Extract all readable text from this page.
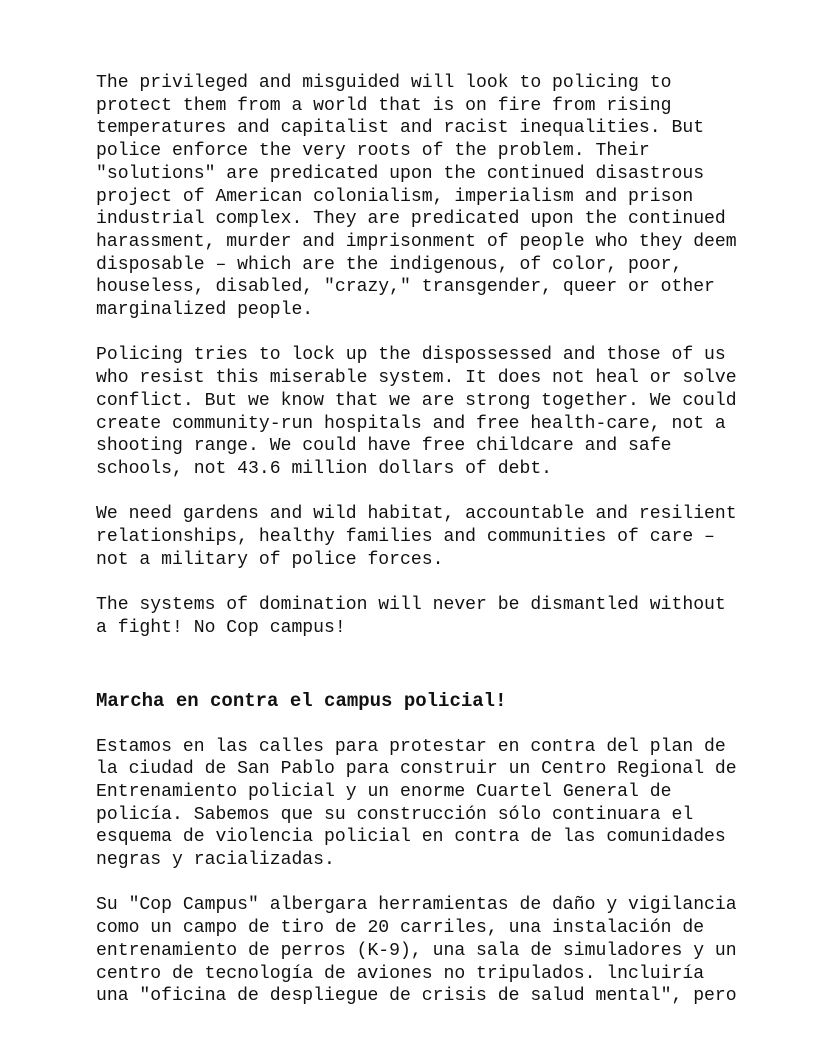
The privileged and misguided will look to policing to
protect them from a world that is on fire from rising
temperatures and capitalist and racist inequalities. But
police enforce the very roots of the problem. Their
"solutions" are predicated upon the continued disastrous
project of American colonialism, imperialism and prison
industrial complex. They are predicated upon the continued
harassment, murder and imprisonment of people who they deem
disposable – which are the indigenous, of color, poor,
houseless, disabled, "crazy," transgender, queer or other
marginalized people.

Policing tries to lock up the dispossessed and those of us
who resist this miserable system. It does not heal or solve
conflict. But we know that we are strong together. We could
create community-run hospitals and free health-care, not a
shooting range. We could have free childcare and safe
schools, not 43.6 million dollars of debt.

We need gardens and wild habitat, accountable and resilient
relationships, healthy families and communities of care –
not a military of police forces.

The systems of domination will never be dismantled without
a fight! No Cop campus!

Marcha en contra el campus policial!

Estamos en las calles para protestar en contra del plan de
la ciudad de San Pablo para construir un Centro Regional de
Entrenamiento policial y un enorme Cuartel General de
policía. Sabemos que su construcción sólo continuara el
esquema de violencia policial en contra de las comunidades
negras y racializadas.

Su "Cop Campus" albergara herramientas de daño y vigilancia
como un campo de tiro de 20 carriles, una instalación de
entrenamiento de perros (K-9), una sala de simuladores y un
centro de tecnología de aviones no tripulados. lncluiría
una "oficina de despliegue de crisis de salud mental", pero
